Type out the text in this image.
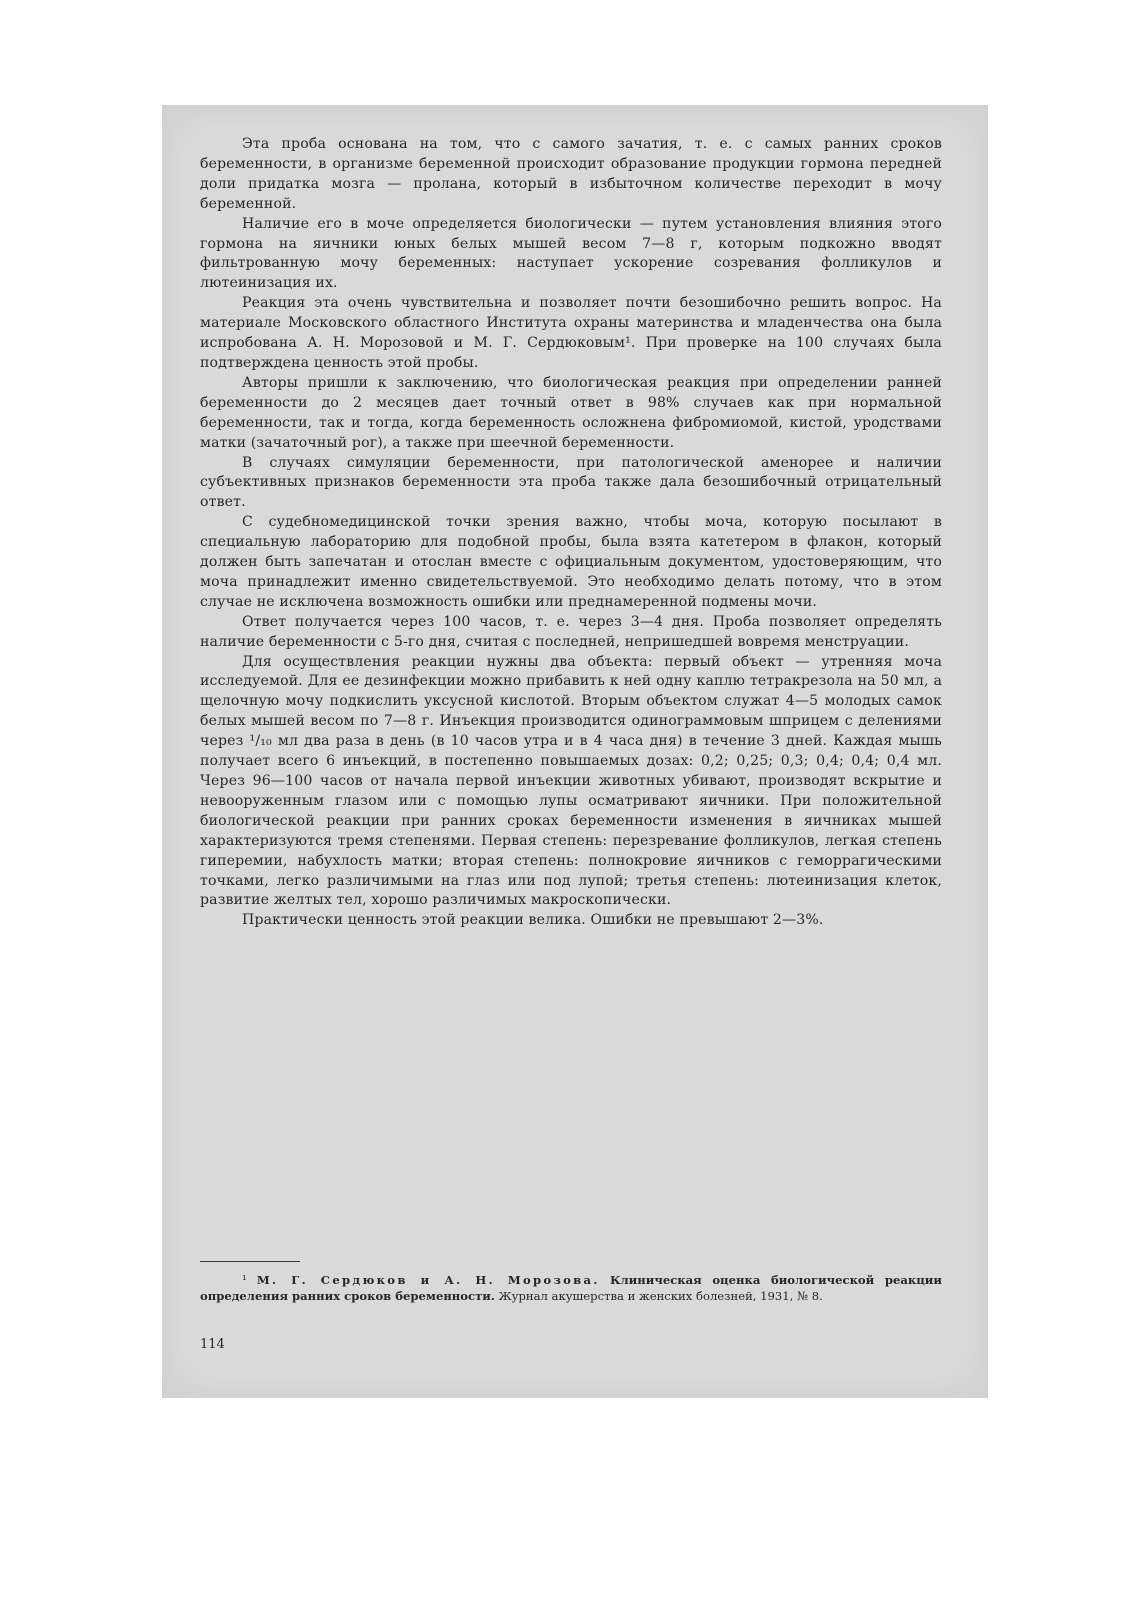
Эта проба основана на том, что с самого зачатия, т. е. с самых ранних сроков беременности, в организме беременной происходит образование продукции гормона передней доли придатка мозга — пролана, который в избыточном количестве переходит в мочу беременной.

Наличие его в моче определяется биологически — путем установления влияния этого гормона на яичники юных белых мышей весом 7—8 г, которым подкожно вводят фильтрованную мочу беременных: наступает ускорение созревания фолликулов и лютеинизация их.

Реакция эта очень чувствительна и позволяет почти безошибочно решить вопрос. На материале Московского областного Института охраны материнства и младенчества она была испробована А. Н. Морозовой и М. Г. Сердюковым¹. При проверке на 100 случаях была подтверждена ценность этой пробы.

Авторы пришли к заключению, что биологическая реакция при определении ранней беременности до 2 месяцев дает точный ответ в 98% случаев как при нормальной беременности, так и тогда, когда беременность осложнена фибромиомой, кистой, уродствами матки (зачаточный рог), а также при шеечной беременности.

В случаях симуляции беременности, при патологической аменорее и наличии субъективных признаков беременности эта проба также дала безошибочный отрицательный ответ.

С судебномедицинской точки зрения важно, чтобы моча, которую посылают в специальную лабораторию для подобной пробы, была взята катетером в флакон, который должен быть запечатан и отослан вместе с официальным документом, удостоверяющим, что моча принадлежит именно свидетельствуемой. Это необходимо делать потому, что в этом случае не исключена возможность ошибки или преднамеренной подмены мочи.

Ответ получается через 100 часов, т. е. через 3—4 дня. Проба позволяет определять наличие беременности с 5-го дня, считая с последней, непришедшей вовремя менструации.

Для осуществления реакции нужны два объекта: первый объект — утренняя моча исследуемой. Для ее дезинфекции можно прибавить к ней одну каплю тетракрезола на 50 мл, а щелочную мочу подкислить уксусной кислотой. Вторым объектом служат 4—5 молодых самок белых мышей весом по 7—8 г. Инъекция производится одинограммовым шприцем с делениями через ¹/₁₀ мл два раза в день (в 10 часов утра и в 4 часа дня) в течение 3 дней. Каждая мышь получает всего 6 инъекций, в постепенно повышаемых дозах: 0,2; 0,25; 0,3; 0,4; 0,4; 0,4 мл. Через 96—100 часов от начала первой инъекции животных убивают, производят вскрытие и невооруженным глазом или с помощью лупы осматривают яичники. При положительной биологической реакции при ранних сроках беременности изменения в яичниках мышей характеризуются тремя степенями. Первая степень: перезревание фолликулов, легкая степень гиперемии, набухлость матки; вторая степень: полнокровие яичников с геморрагическими точками, легко различимыми на глаз или под лупой; третья степень: лютеинизация клеток, развитие желтых тел, хорошо различимых макроскопически.

Практически ценность этой реакции велика. Ошибки не превышают 2—3%.

¹ М. Г. Сердюков и А. Н. Морозова. Клиническая оценка биологической реакции определения ранних сроков беременности. Журнал акушерства и женских болезней, 1931, № 8.
114
